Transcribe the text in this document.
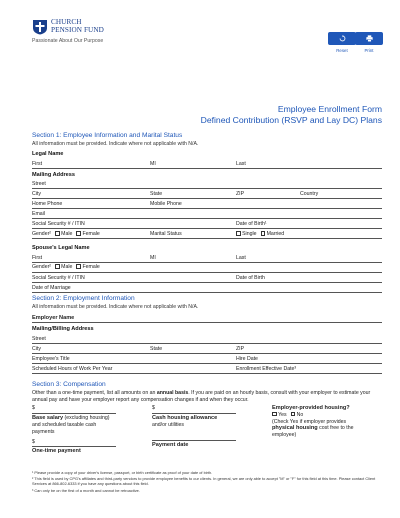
CHURCH
PENSION FUND
Passionate About Our Purpose
Reset	Print
Employee Enrollment Form
Defined Contribution (RSVP and Lay DC) Plans
Section 1: Employee Information and Marital Status
All information must be provided. Indicate where not applicable with N/A.
Legal Name
First	MI	Last
Mailing Address
Street
City	State	ZIP	Country
Home Phone	Mobile Phone
Email
Social Security # / ITIN	Date of Birth¹
Gender² Male Female	Marital Status	Single Married
Spouse's Legal Name
First	MI	Last
Gender² Male Female
Social Security # / ITIN	Date of Birth
Date of Marriage
Section 2: Employment Information
All information must be provided. Indicate where not applicable with N/A.
Employer Name
Mailing/Billing Address
Street
City	State	ZIP
Employee's Title	Hire Date
Scheduled Hours of Work Per Year	Enrollment Effective Date³
Section 3: Compensation
Other than a one-time payment, list all amounts on an annual basis. If you are paid on an hourly basis, consult with your employer to estimate your annual pay and have your employer report any compensation changes if and when they occur.
$
Base salary (excluding housing) and scheduled taxable cash payments
$
One-time payment
$
Cash housing allowance
and/or utilities
Payment date
Employer-provided housing?
Yes No
(Check Yes if employer provides physical housing cost free to the employee)
¹ Please provide a copy of your driver's license, passport, or birth certificate as proof of your date of birth.
² This field is used by CPG's affiliates and third-party vendors to provide employee benefits to our clients. In general, we are only able to accept "M" or "F" for this field at this time. Please contact Client Services at 866-802-6333 if you have any questions about this field.
³ Can only be on the first of a month and cannot be retroactive.
